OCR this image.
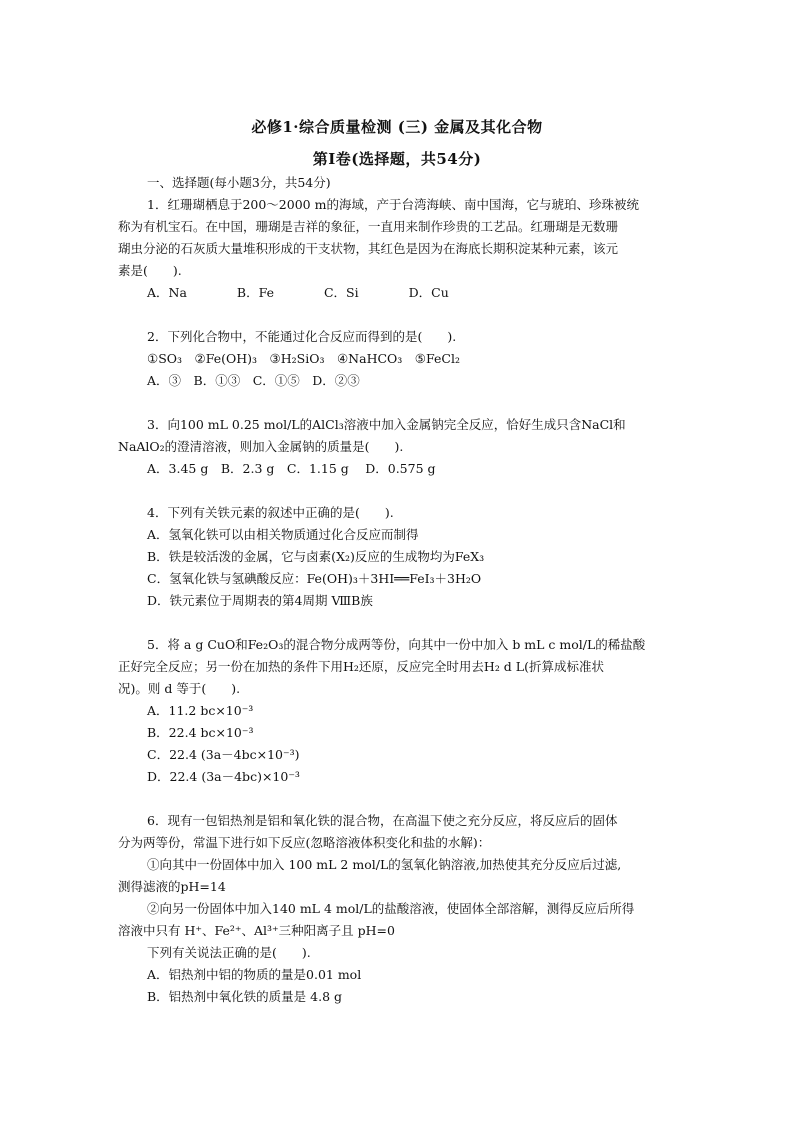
必修1·综合质量检测 (三) 金属及其化合物
第Ⅰ卷(选择题，共54分)
一、选择题(每小题3分，共54分)
1．红珊瑚栖息于200～2000 m的海域，产于台湾海峡、南中国海，它与琥珀、珍珠被统
称为有机宝石。在中国，珊瑚是吉祥的象征，一直用来制作珍贵的工艺品。红珊瑚是无数珊
瑚虫分泌的石灰质大量堆积形成的干支状物，其红色是因为在海底长期积淀某种元素，该元
素是(　　).
A．Na　　　　B．Fe　　　　C．Si　　　　D．Cu
2．下列化合物中，不能通过化合反应而得到的是(　　).
①SO₃　②Fe(OH)₃　③H₂SiO₃　④NaHCO₃　⑤FeCl₂
A．③　B．①③　C．①⑤　D．②③
3．向100 mL 0.25 mol/L的AlCl₃溶液中加入金属钠完全反应，恰好生成只含NaCl和
NaAlO₂的澄清溶液，则加入金属钠的质量是(　　).
A．3.45 g　B．2.3 g　C．1.15 g　 D．0.575 g
4．下列有关铁元素的叙述中正确的是(　　).
A．氢氧化铁可以由相关物质通过化合反应而制得
B．铁是较活泼的金属，它与卤素(X₂)反应的生成物均为FeX₃
C．氢氧化铁与氢碘酸反应：Fe(OH)₃＋3HI══FeI₃＋3H₂O
D．铁元素位于周期表的第4周期 ⅧB族
5．将 a g CuO和Fe₂O₃的混合物分成两等份，向其中一份中加入 b mL c mol/L的稀盐酸
正好完全反应；另一份在加热的条件下用H₂还原，反应完全时用去H₂ d L(折算成标准状
况)。则 d 等于(　　).
A．11.2 bc×10⁻³
B．22.4 bc×10⁻³
C．22.4 (3a－4bc×10⁻³)
D．22.4 (3a－4bc)×10⁻³
6．现有一包铝热剂是铝和氧化铁的混合物，在高温下使之充分反应，将反应后的固体
分为两等份，常温下进行如下反应(忽略溶液体积变化和盐的水解)：
①向其中一份固体中加入 100 mL 2 mol/L的氢氧化钠溶液,加热使其充分反应后过滤,
测得滤液的pH=14
②向另一份固体中加入140 mL 4 mol/L的盐酸溶液，使固体全部溶解，测得反应后所得
溶液中只有 H⁺、Fe²⁺、Al³⁺三种阳离子且 pH=0
下列有关说法正确的是(　　).
A．铝热剂中铝的物质的量是0.01 mol
B．铝热剂中氧化铁的质量是 4.8 g
